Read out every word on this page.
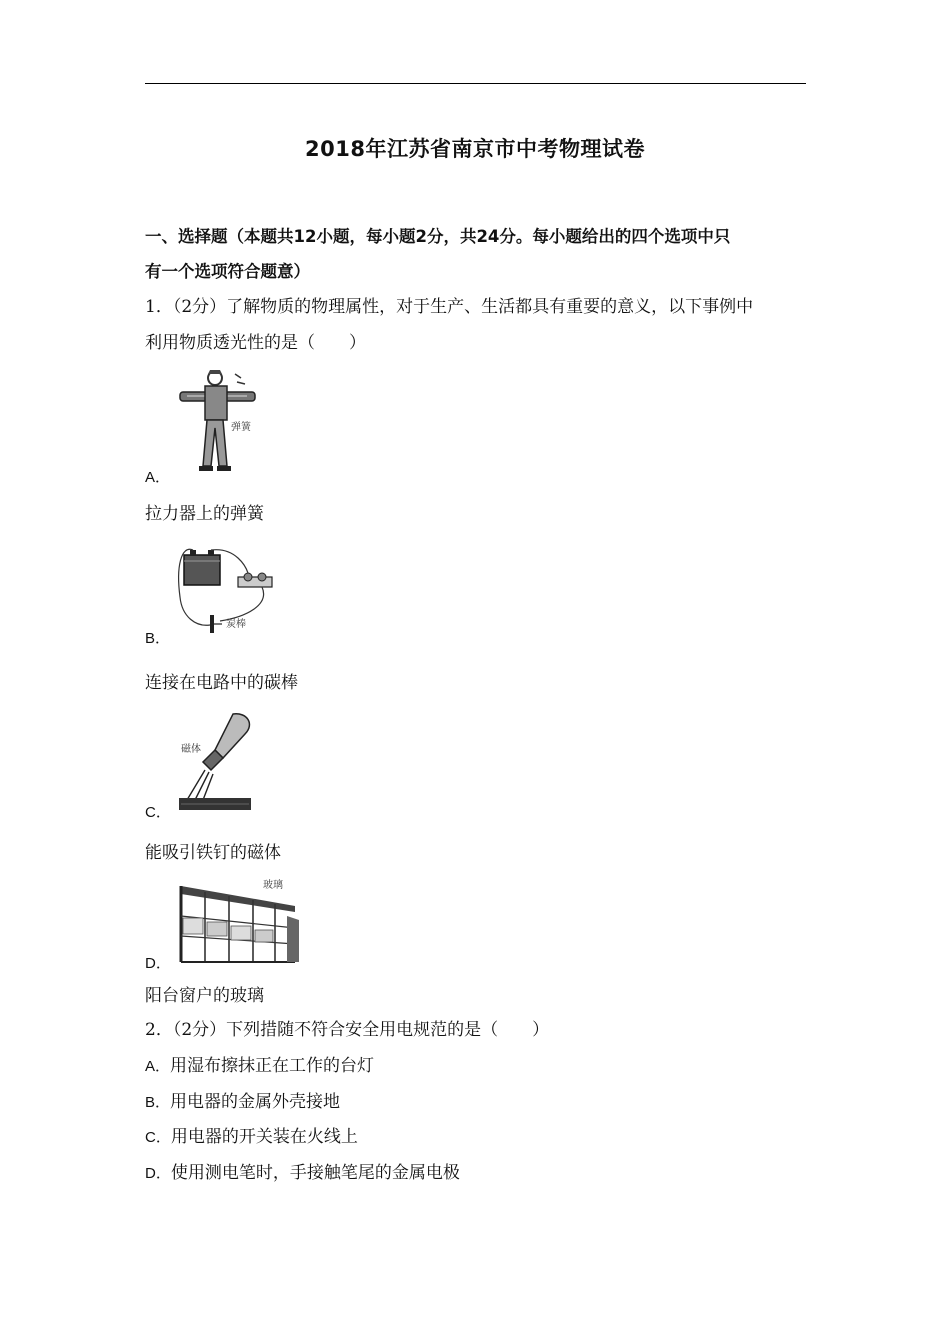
2018年江苏省南京市中考物理试卷
一、选择题（本题共12小题，每小题2分，共24分。每小题给出的四个选项中只
有一个选项符合题意）
1．（2分）了解物质的物理属性，对于生产、生活都具有重要的意义，以下事例中
利用物质透光性的是（　　）
弹簧
A．
拉力器上的弹簧
炭棒
B．
连接在电路中的碳棒
磁体
C．
能吸引铁钉的磁体
玻璃
D．
阳台窗户的玻璃
2．（2分）下列措随不符合安全用电规范的是（　　）
A．用湿布擦抹正在工作的台灯
B．用电器的金属外壳接地
C．用电器的开关装在火线上
D．使用测电笔时，手接触笔尾的金属电极
